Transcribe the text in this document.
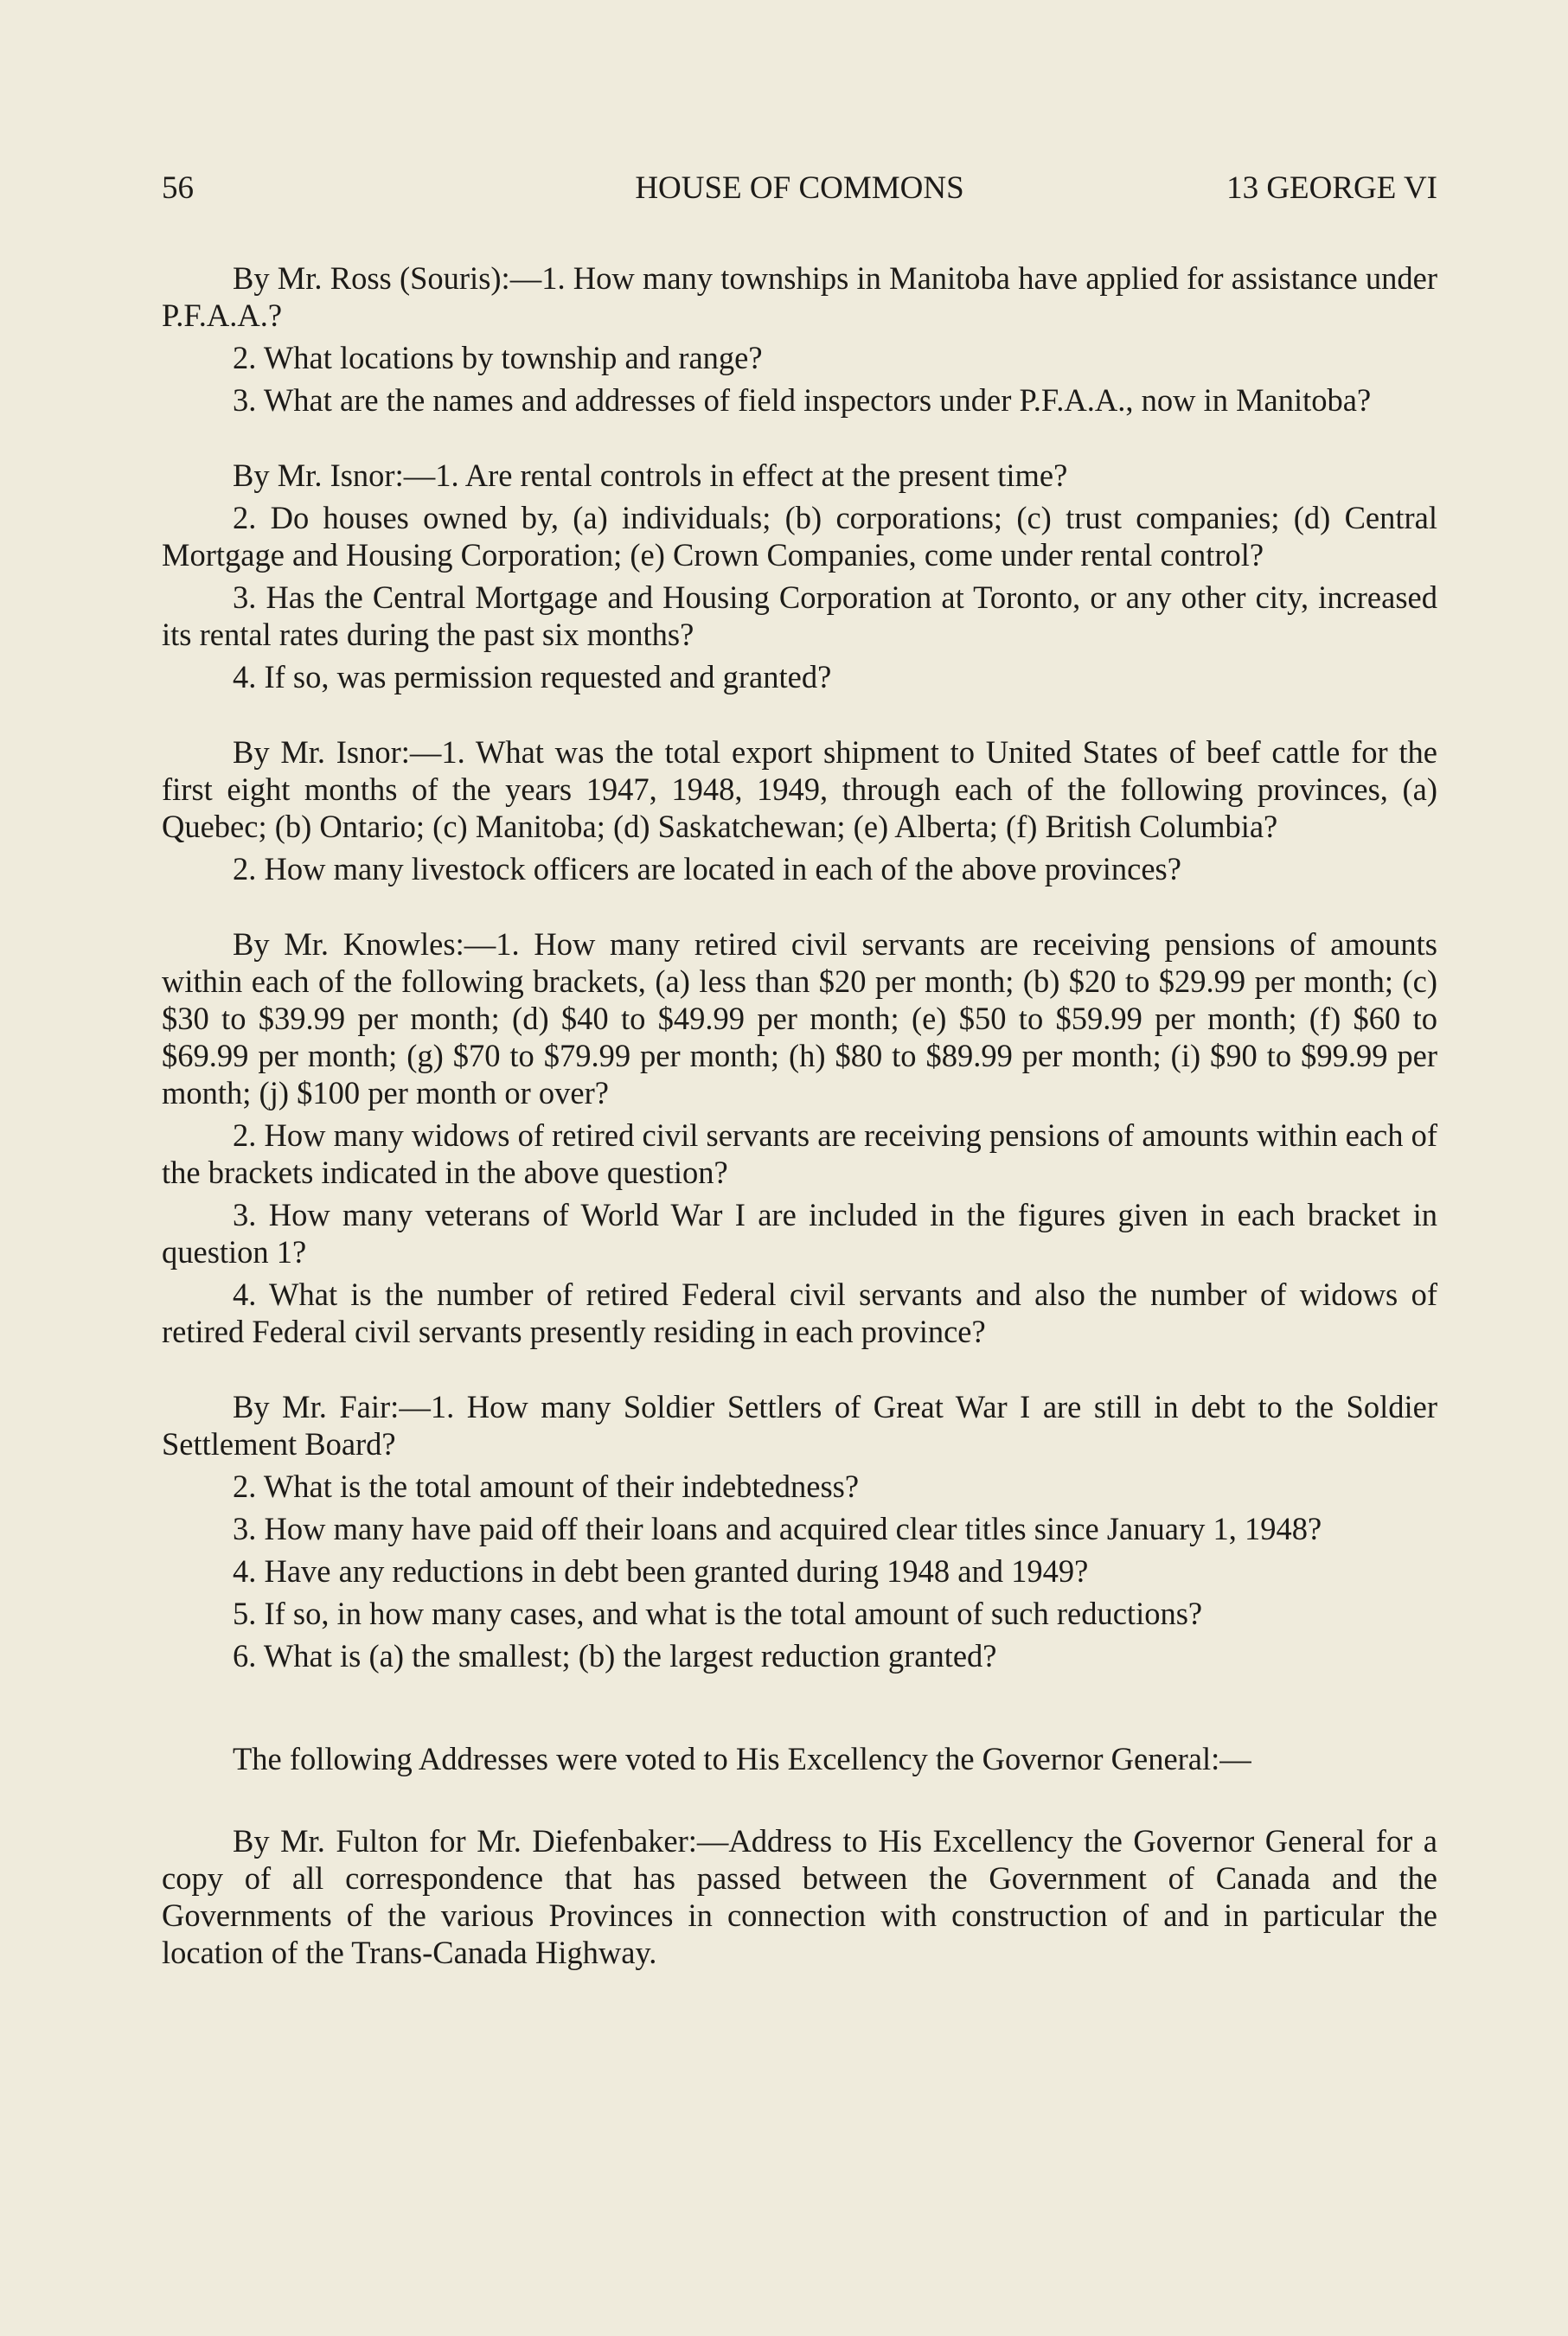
56	HOUSE OF COMMONS	13 GEORGE VI

By Mr. Ross (Souris):—1. How many townships in Manitoba have applied for assistance under P.F.A.A.?

2. What locations by township and range?

3. What are the names and addresses of field inspectors under P.F.A.A., now in Manitoba?

By Mr. Isnor:—1. Are rental controls in effect at the present time?

2. Do houses owned by, (a) individuals; (b) corporations; (c) trust companies; (d) Central Mortgage and Housing Corporation; (e) Crown Companies, come under rental control?

3. Has the Central Mortgage and Housing Corporation at Toronto, or any other city, increased its rental rates during the past six months?

4. If so, was permission requested and granted?

By Mr. Isnor:—1. What was the total export shipment to United States of beef cattle for the first eight months of the years 1947, 1948, 1949, through each of the following provinces, (a) Quebec; (b) Ontario; (c) Manitoba; (d) Saskatchewan; (e) Alberta; (f) British Columbia?

2. How many livestock officers are located in each of the above provinces?

By Mr. Knowles:—1. How many retired civil servants are receiving pensions of amounts within each of the following brackets, (a) less than $20 per month; (b) $20 to $29.99 per month; (c) $30 to $39.99 per month; (d) $40 to $49.99 per month; (e) $50 to $59.99 per month; (f) $60 to $69.99 per month; (g) $70 to $79.99 per month; (h) $80 to $89.99 per month; (i) $90 to $99.99 per month; (j) $100 per month or over?

2. How many widows of retired civil servants are receiving pensions of amounts within each of the brackets indicated in the above question?

3. How many veterans of World War I are included in the figures given in each bracket in question 1?

4. What is the number of retired Federal civil servants and also the number of widows of retired Federal civil servants presently residing in each province?

By Mr. Fair:—1. How many Soldier Settlers of Great War I are still in debt to the Soldier Settlement Board?

2. What is the total amount of their indebtedness?

3. How many have paid off their loans and acquired clear titles since January 1, 1948?

4. Have any reductions in debt been granted during 1948 and 1949?

5. If so, in how many cases, and what is the total amount of such reductions?

6. What is (a) the smallest; (b) the largest reduction granted?

The following Addresses were voted to His Excellency the Governor General:—

By Mr. Fulton for Mr. Diefenbaker:—Address to His Excellency the Governor General for a copy of all correspondence that has passed between the Government of Canada and the Governments of the various Provinces in connection with construction of and in particular the location of the Trans-Canada Highway.
